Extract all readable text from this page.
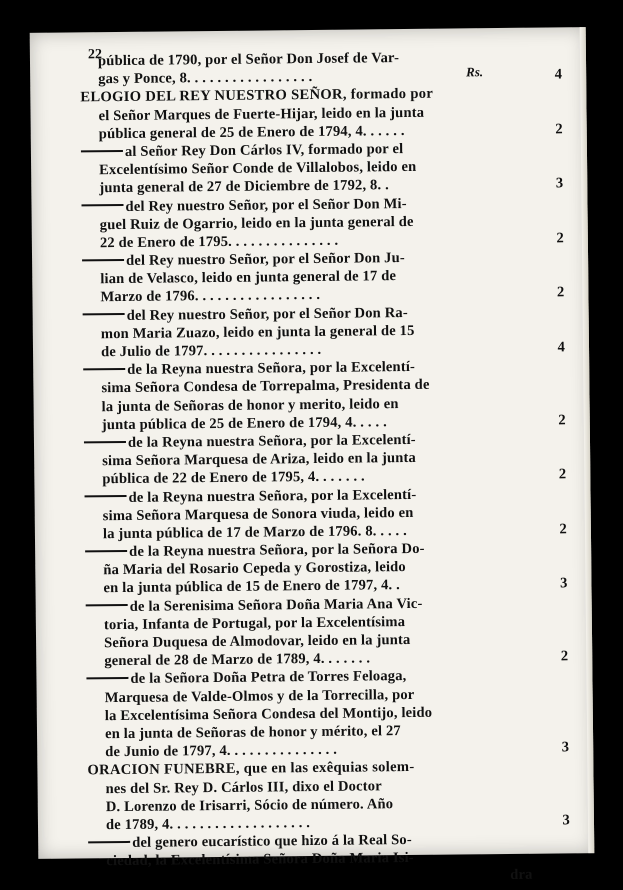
22
Rs.
pública de 1790, por el Señor Don Josef de Var-
gas y Ponce, 8. . . . . . . . . . . . . . . . .	4
ELOGIO DEL REY NUESTRO SEÑOR, formado por
el Señor Marques de Fuerte-Hijar, leido en la junta
pública general de 25 de Enero de 1794, 4. . . . . .	2
al Señor Rey Don Cárlos IV, formado por el
Excelentísimo Señor Conde de Villalobos, leido en
junta general de 27 de Diciembre de 1792, 8. .	3
del Rey nuestro Señor, por el Señor Don Mi-
guel Ruiz de Ogarrio, leido en la junta general de
22 de Enero de 1795. . . . . . . . . . . . . . .	2
del Rey nuestro Señor, por el Señor Don Ju-
lian de Velasco, leido en junta general de 17 de
Marzo de 1796. . . . . . . . . . . . . . . . .	2
del Rey nuestro Señor, por el Señor Don Ra-
mon Maria Zuazo, leido en junta la general de 15
de Julio de 1797. . . . . . . . . . . . . . . .	4
de la Reyna nuestra Señora, por la Excelentí-
sima Señora Condesa de Torrepalma, Presidenta de
la junta de Señoras de honor y merito, leido en
junta pública de 25 de Enero de 1794, 4. . . . .	2
de la Reyna nuestra Señora, por la Excelentí-
sima Señora Marquesa de Ariza, leido en la junta
pública de 22 de Enero de 1795, 4. . . . . . .	2
de la Reyna nuestra Señora, por la Excelentí-
sima Señora Marquesa de Sonora viuda, leido en
la junta pública de 17 de Marzo de 1796. 8. . . . .	2
de la Reyna nuestra Señora, por la Señora Do-
ña Maria del Rosario Cepeda y Gorostiza, leido
en la junta pública de 15 de Enero de 1797, 4. .	3
de la Serenisima Señora Doña Maria Ana Vic-
toria, Infanta de Portugal, por la Excelentísima
Señora Duquesa de Almodovar, leido en la junta
general de 28 de Marzo de 1789, 4. . . . . . .	2
de la Señora Doña Petra de Torres Feloaga,
Marquesa de Valde-Olmos y de la Torrecilla, por
la Excelentísima Señora Condesa del Montijo, leido
en la junta de Señoras de honor y mérito, el 27
de Junio de 1797, 4. . . . . . . . . . . . . . .	3
ORACION FUNEBRE, que en las exêquias solem-
nes del Sr. Rey D. Cárlos III, dixo el Doctor
D. Lorenzo de Irisarri, Sócio de número. Año
de 1789, 4. . . . . . . . . . . . . . . . . . .	3
del genero eucarístico que hizo á la Real So-
ciedad, la Excelentísima Señora Doña Maria Isi-
dra
